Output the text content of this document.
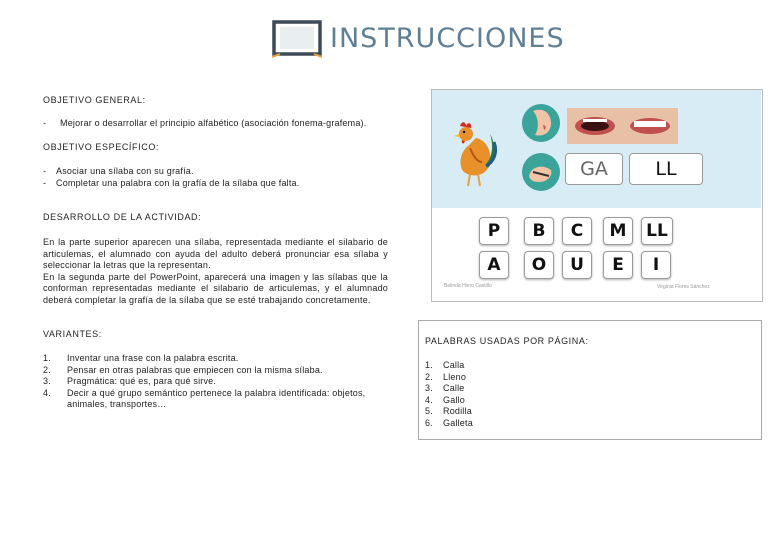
INSTRUCCIONES
OBJETIVO GENERAL:
-	Mejorar o desarrollar el principio alfabético (asociación fonema-grafema).
OBJETIVO ESPECÍFICO:
-	Asociar una sílaba con su grafía.
-	Completar una palabra con la grafía de la sílaba que falta.
DESARROLLO DE LA ACTIVIDAD:
En la parte superior aparecen una sílaba, representada mediante el silabario de articulemas, el alumnado con ayuda del adulto deberá pronunciar esa sílaba y seleccionar la letras que la representan.
En la segunda parte del PowerPoint, aparecerá una imagen y las sílabas que la conforman representadas mediante el silabario de articulemas, y el alumnado deberá completar la grafía de la sílaba que se esté trabajando concretamente.
VARIANTES:
1.	Inventar una frase con la palabra escrita.
2.	Pensar en otras palabras que empiecen con la misma sílaba.
3.	Pragmática: qué es, para qué sirve.
4.	Decir a qué grupo semántico pertenece la palabra identificada: objetos, animales, transportes…
GA	LL
P	B	C	M	LL
A	O	U	E	I
Belinda Hiero Castillo	Virginia Flores Sánchez
PALABRAS USADAS POR PÁGINA:
1.	Calla
2.	Lleno
3.	Calle
4.	Gallo
5.	Rodilla
6.	Galleta
